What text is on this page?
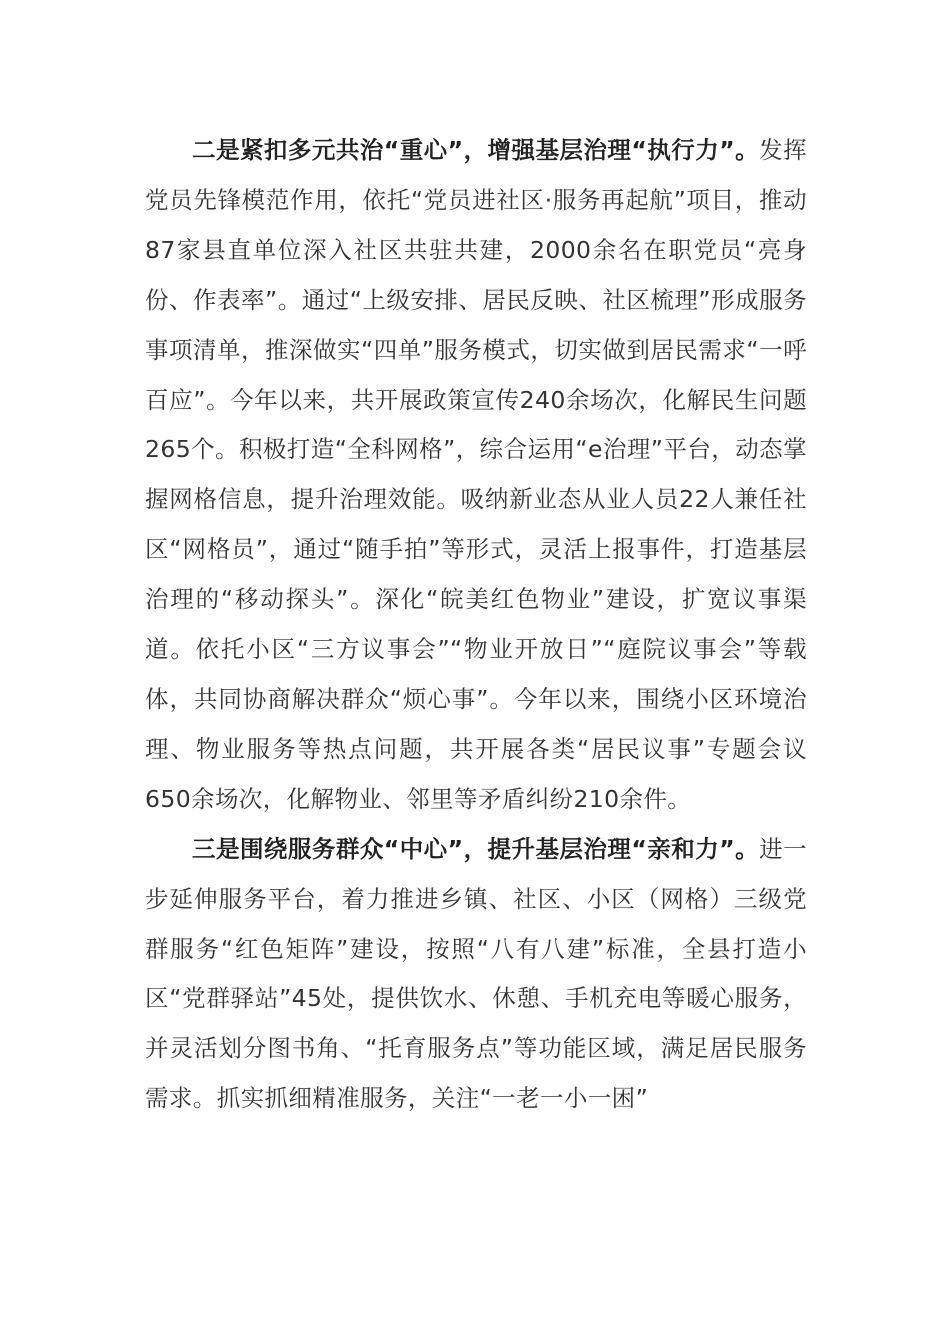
二是紧扣多元共治“重心”，增强基层治理“执行力”。发挥党员先锋模范作用，依托“党员进社区·服务再起航”项目，推动87家县直单位深入社区共驻共建，2000余名在职党员“亮身份、作表率”。通过“上级安排、居民反映、社区梳理”形成服务事项清单，推深做实“四单”服务模式，切实做到居民需求“一呼百应”。今年以来，共开展政策宣传240余场次，化解民生问题265个。积极打造“全科网格”，综合运用“e治理”平台，动态掌握网格信息，提升治理效能。吸纳新业态从业人员22人兼任社区“网格员”，通过“随手拍”等形式，灵活上报事件，打造基层治理的“移动探头”。深化“皖美红色物业”建设，扩宽议事渠道。依托小区“三方议事会”“物业开放日”“庭院议事会”等载体，共同协商解决群众“烦心事”。今年以来，围绕小区环境治理、物业服务等热点问题，共开展各类“居民议事”专题会议650余场次，化解物业、邻里等矛盾纠纷210余件。

三是围绕服务群众“中心”，提升基层治理“亲和力”。进一步延伸服务平台，着力推进乡镇、社区、小区（网格）三级党群服务“红色矩阵”建设，按照“八有八建”标准，全县打造小区“党群驿站”45处，提供饮水、休憩、手机充电等暖心服务，并灵活划分图书角、“托育服务点”等功能区域，满足居民服务需求。抓实抓细精准服务，关注“一老一小一困”
